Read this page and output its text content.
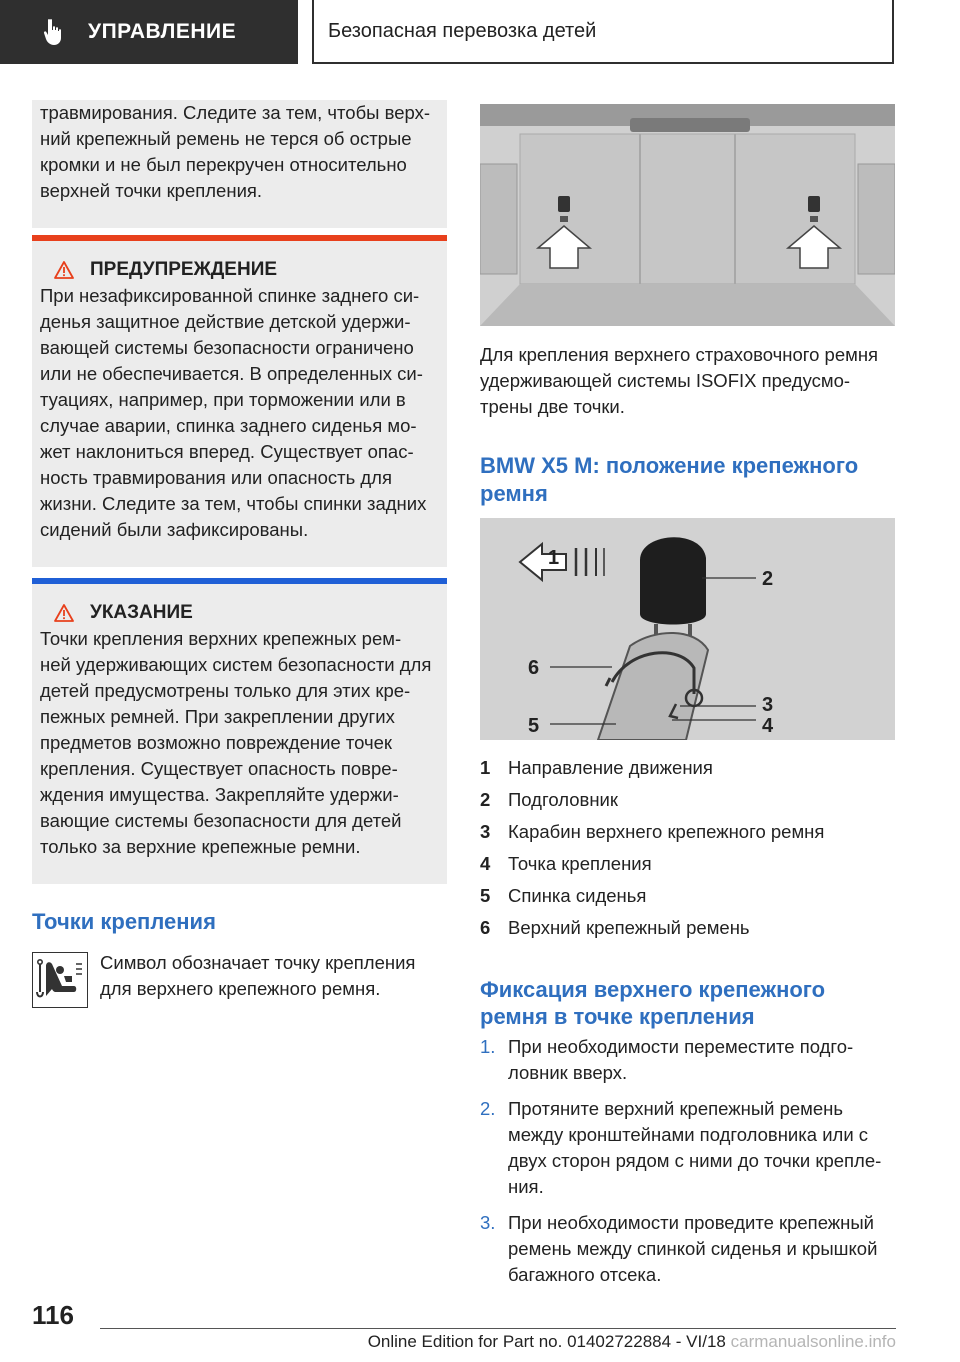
УПРАВЛЕНИЕ	Безопасная перевозка детей

травмирования. Следите за тем, чтобы верх-

ний крепежный ремень не терся об острые

кромки и не был перекручен относительно

верхней точки крепления.

ПРЕДУПРЕЖДЕНИЕ

При незафиксированной спинке заднего си-

денья защитное действие детской удержи-

вающей системы безопасности ограничено

или не обеспечивается. В определенных си-

туациях, например, при торможении или в

случае аварии, спинка заднего сиденья мо-

жет наклониться вперед. Существует опас-

ность травмирования или опасность для

жизни. Следите за тем, чтобы спинки задних

сидений были зафиксированы.

УКАЗАНИЕ

Точки крепления верхних крепежных рем-

ней удерживающих систем безопасности для

детей предусмотрены только для этих кре-

пежных ремней. При закреплении других

предметов возможно повреждение точек

крепления. Существует опасность повре-

ждения имущества. Закрепляйте удержи-

вающие системы безопасности для детей

только за верхние крепежные ремни.

Точки крепления

Символ обозначает точку крепления

для верхнего крепежного ремня.

Для крепления верхнего страховочного ремня

удерживающей системы ISOFIX предусмо-

трены две точки.

BMW X5 M: положение крепежного
ремня
1
2
6
3
4
5
1 Направление движения
2 Подголовник
3 Карабин верхнего крепежного ремня
4 Точка крепления
5 Спинка сиденья
6 Верхний крепежный ремень
Фиксация верхнего крепежного
ремня в точке крепления
1. При необходимости переместите подго-
ловник вверх.
2. Протяните верхний крепежный ремень
между кронштейнами подголовника или с
двух сторон рядом с ними до точки крепле-
ния.
3. При необходимости проведите крепежный
ремень между спинкой сиденья и крышкой
багажного отсека.
116
Online Edition for Part no. 01402722884 - VI/18 carmanualsonline.info
